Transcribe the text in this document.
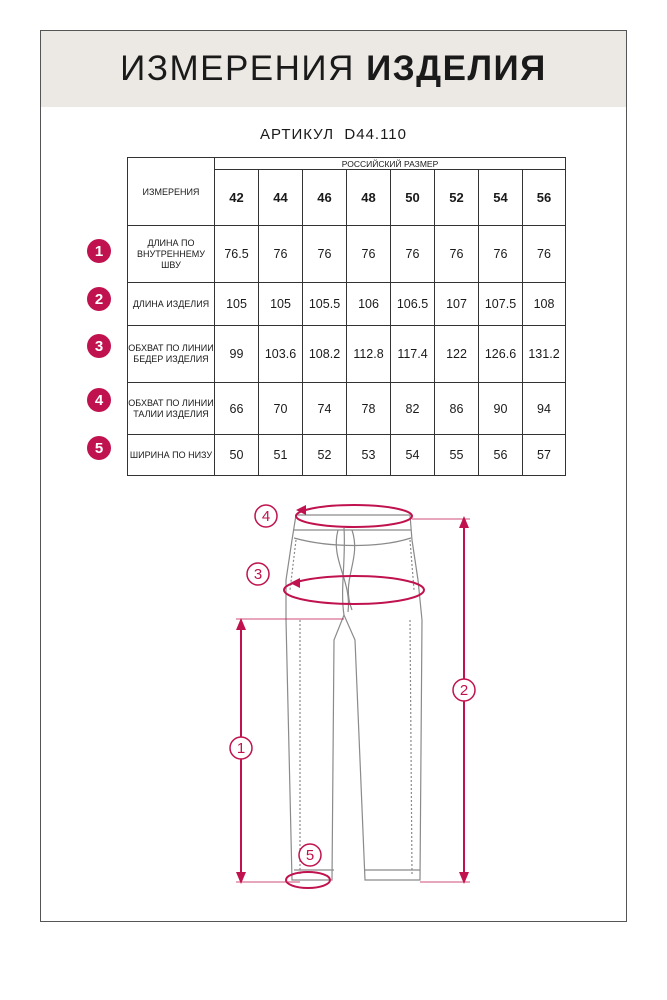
ИЗМЕРЕНИЯ ИЗДЕЛИЯ
АРТИКУЛ D44.110
ИЗМЕРЕНИЯ	РОССИЙСКИЙ РАЗМЕР							
	42	44	46	48	50	52	54	56
ДЛИНА ПО ВНУТРЕННЕМУ ШВУ	76.5	76	76	76	76	76	76	76
ДЛИНА ИЗДЕЛИЯ	105	105	105.5	106	106.5	107	107.5	108
ОБХВАТ ПО ЛИНИИ БЕДЕР ИЗДЕЛИЯ	99	103.6	108.2	112.8	117.4	122	126.6	131.2
ОБХВАТ ПО ЛИНИИ ТАЛИИ ИЗДЕЛИЯ	66	70	74	78	82	86	90	94
ШИРИНА ПО НИЗУ	50	51	52	53	54	55	56	57
1
2
3
4
5
1
2
3
4
5
